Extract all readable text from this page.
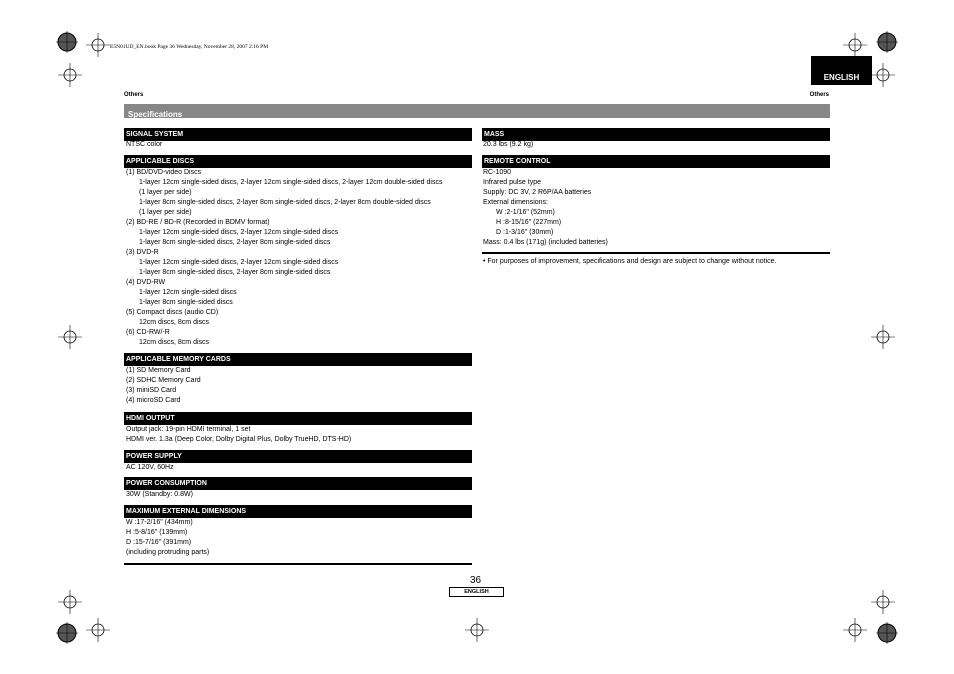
E5N01UD_EN.book Page 36 Wednesday, November 28, 2007 2:16 PM
ENGLISH
Others	Others
Specifications
SIGNAL SYSTEM
NTSC color
APPLICABLE DISCS
(1) BD/DVD-video Discs
1-layer 12cm single-sided discs, 2-layer 12cm single-sided discs, 2-layer 12cm double-sided discs
(1 layer per side)
1-layer 8cm single-sided discs, 2-layer 8cm single-sided discs, 2-layer 8cm double-sided discs
(1 layer per side)
(2) BD-RE / BD-R (Recorded in BDMV format)
1-layer 12cm single-sided discs, 2-layer 12cm single-sided discs
1-layer 8cm single-sided discs, 2-layer 8cm single-sided discs
(3) DVD-R
1-layer 12cm single-sided discs, 2-layer 12cm single-sided discs
1-layer 8cm single-sided discs, 2-layer 8cm single-sided discs
(4) DVD-RW
1-layer 12cm single-sided discs
1-layer 8cm single-sided discs
(5) Compact discs (audio CD)
12cm discs, 8cm discs
(6) CD-RW/-R
12cm discs, 8cm discs
APPLICABLE MEMORY CARDS
(1) SD Memory Card
(2) SDHC Memory Card
(3) miniSD Card
(4) microSD Card
HDMI OUTPUT
Output jack: 19-pin HDMI terminal, 1 set
HDMI ver. 1.3a (Deep Color, Dolby Digital Plus, Dolby TrueHD, DTS-HD)
POWER SUPPLY
AC 120V, 60Hz
POWER CONSUMPTION
30W (Standby: 0.8W)
MAXIMUM EXTERNAL DIMENSIONS
W :17-2/16" (434mm)
H :5-8/16" (139mm)
D :15-7/16" (391mm)
(including protruding parts)
MASS
20.3 lbs (9.2 kg)
REMOTE CONTROL
RC-1090
Infrared pulse type
Supply: DC 3V, 2 R6P/AA batteries
External dimensions:
W :2-1/16" (52mm)
H :8-15/16" (227mm)
D :1-3/16" (30mm)
Mass: 0.4 lbs (171g) (included batteries)
• For purposes of improvement, specifications and design are subject to change without notice.
36
ENGLISH
